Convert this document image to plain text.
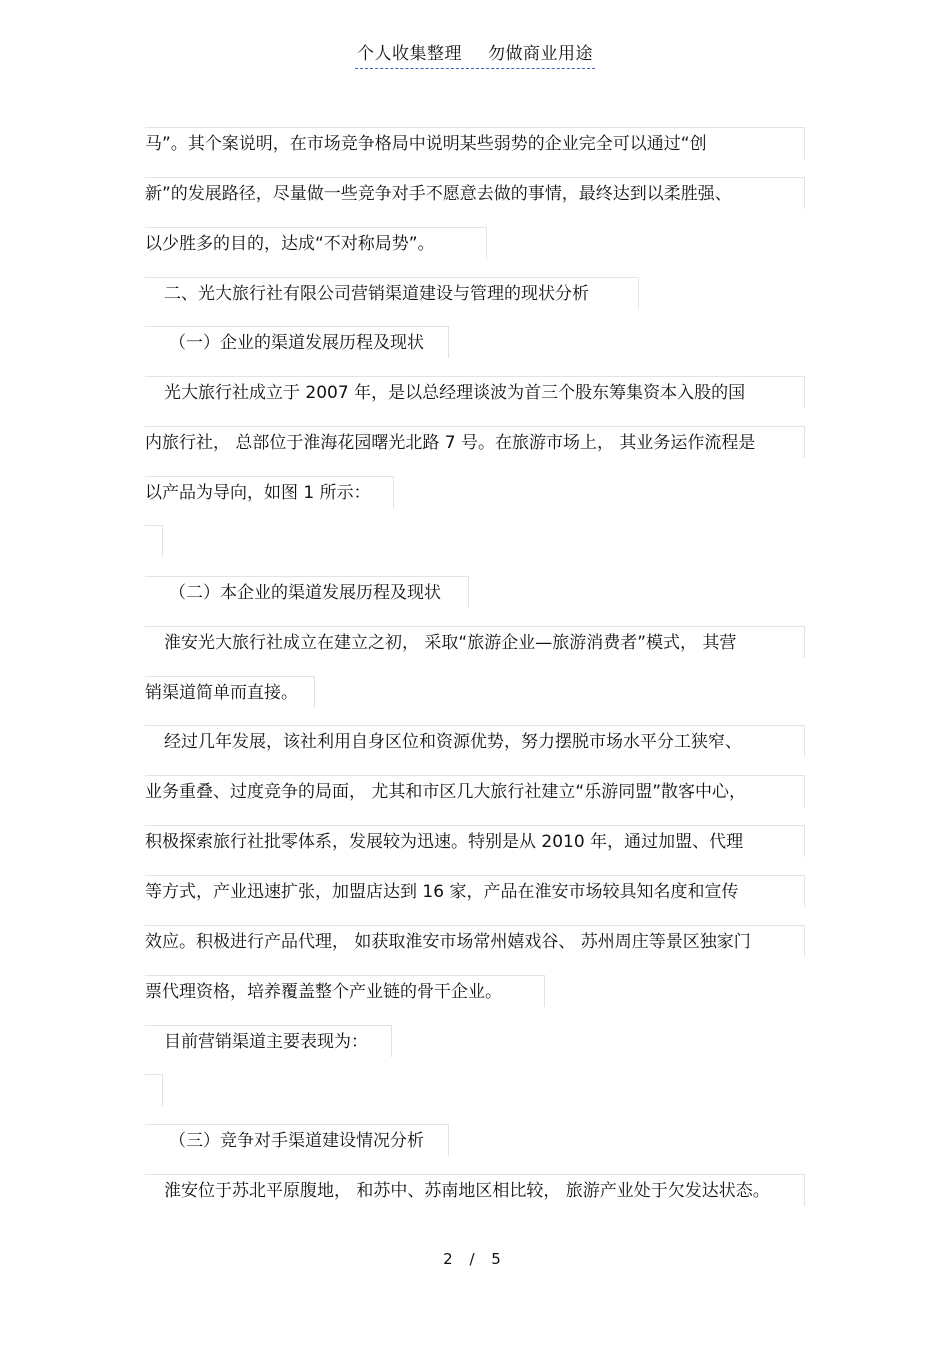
个人收集整理 勿做商业用途
马”。其个案说明，在市场竞争格局中说明某些弱势的企业完全可以通过“创
新”的发展路径，尽量做一些竞争对手不愿意去做的事情，最终达到以柔胜强、
以少胜多的目的，达成“不对称局势”。
二、光大旅行社有限公司营销渠道建设与管理的现状分析
（一）企业的渠道发展历程及现状
光大旅行社成立于 2007 年，是以总经理谈波为首三个股东筹集资本入股的国
内旅行社， 总部位于淮海花园曙光北路 7 号。在旅游市场上， 其业务运作流程是
以产品为导向，如图 1 所示：
（二）本企业的渠道发展历程及现状
淮安光大旅行社成立在建立之初， 采取“旅游企业—旅游消费者”模式， 其营
销渠道简单而直接。
经过几年发展，该社利用自身区位和资源优势，努力摆脱市场水平分工狭窄、
业务重叠、过度竞争的局面， 尤其和市区几大旅行社建立“乐游同盟”散客中心，
积极探索旅行社批零体系，发展较为迅速。特别是从 2010 年，通过加盟、代理
等方式，产业迅速扩张，加盟店达到 16 家，产品在淮安市场较具知名度和宣传
效应。积极进行产品代理， 如获取淮安市场常州嬉戏谷、 苏州周庄等景区独家门
票代理资格，培养覆盖整个产业链的骨干企业。
目前营销渠道主要表现为：
（三）竞争对手渠道建设情况分析
淮安位于苏北平原腹地， 和苏中、苏南地区相比较， 旅游产业处于欠发达状态。
2 / 5
